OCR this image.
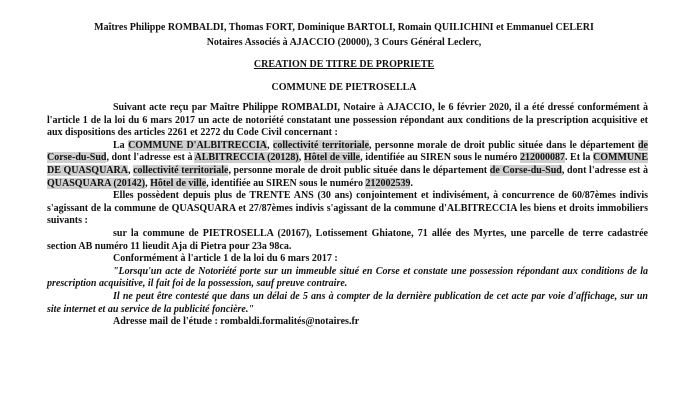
Maîtres Philippe ROMBALDI, Thomas FORT, Dominique BARTOLI, Romain QUILICHINI et Emmanuel CELERI
Notaires Associés à AJACCIO (20000), 3 Cours Général Leclerc,
CREATION DE TITRE DE PROPRIETE
COMMUNE DE PIETROSELLA

Suivant acte reçu par Maître Philippe ROMBALDI, Notaire à AJACCIO, le 6 février 2020, il a été dressé conformément à l'article 1 de la loi du 6 mars 2017 un acte de notoriété constatant une possession répondant aux conditions de la prescription acquisitive et aux dispositions des articles 2261 et 2272 du Code Civil concernant :

La COMMUNE D'ALBITRECCIA, collectivité territoriale, personne morale de droit public située dans le département de Corse-du-Sud, dont l'adresse est à ALBITRECCIA (20128), Hôtel de ville, identifiée au SIREN sous le numéro 212000087. Et la COMMUNE DE QUASQUARA, collectivité territoriale, personne morale de droit public située dans le département de Corse-du-Sud, dont l'adresse est à QUASQUARA (20142), Hôtel de ville, identifiée au SIREN sous le numéro 212002539.

Elles possèdent depuis plus de TRENTE ANS (30 ans) conjointement et indivisément, à concurrence de 60/87èmes indivis s'agissant de la commune de QUASQUARA et 27/87èmes indivis s'agissant de la commune d'ALBITRECCIA les biens et droits immobiliers suivants :

sur la commune de PIETROSELLA (20167), Lotissement Ghiatone, 71 allée des Myrtes, une parcelle de terre cadastrée section AB numéro 11 lieudit Aja di Pietra pour 23a 98ca.

Conformément à l'article 1 de la loi du 6 mars 2017 :

"Lorsqu'un acte de Notoriété porte sur un immeuble situé en Corse et constate une possession répondant aux conditions de la prescription acquisitive, il fait foi de la possession, sauf preuve contraire.

Il ne peut être contesté que dans un délai de 5 ans à compter de la dernière publication de cet acte par voie d'affichage, sur un site internet et au service de la publicité foncière."

Adresse mail de l'étude : rombaldi.formalités@notaires.fr
